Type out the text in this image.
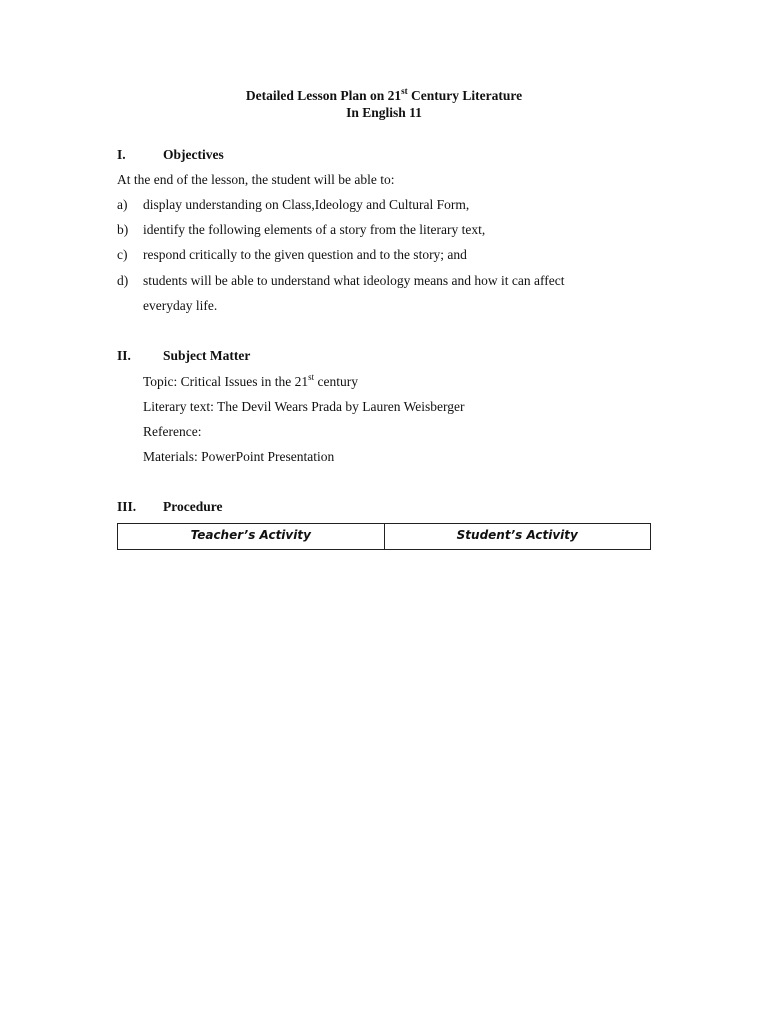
Detailed Lesson Plan on 21st Century Literature
In English 11
I.	Objectives
At the end of the lesson, the student will be able to:
a) display understanding on Class,Ideology and Cultural Form,
b) identify the following elements of a story from the literary text,
c) respond critically to the given question and to the story; and
d) students will be able to understand what ideology means and how it can affect
everyday life.
II. Subject Matter
Topic: Critical Issues in the 21st century
Literary text: The Devil Wears Prada by Lauren Weisberger
Reference:
Materials: PowerPoint Presentation
III. Procedure
Teacher’s Activity	Student’s Activity
